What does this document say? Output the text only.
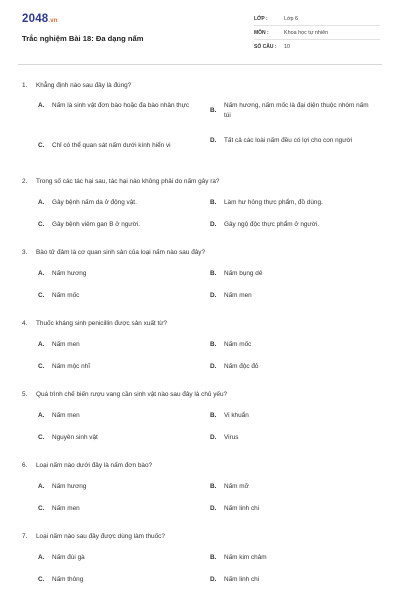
2048.vn
Trắc nghiệm Bài 18: Đa dạng nấm
LỚP :	Lớp 6
MÔN :	Khoa học tự nhiên
SỐ CÂU :	10
1.	Khẳng định nào sau đây là đúng?
A.	Nấm là sinh vật đơn bào hoặc đa bào nhân thực
B.
Nấm hương, nấm mốc là đại diện thuộc nhóm nấm túi
C.	Chỉ có thể quan sát nấm dưới kính hiển vi
D.	Tất cả các loài nấm đều có lợi cho con người
2.	Trong số các tác hại sau, tác hại nào không phải do nấm gây ra?
A.	Gây bệnh nấm da ở động vật.	B.	Làm hư hỏng thực phẩm, đồ dùng.
C.	Gây bệnh viêm gan B ở người.	D.	Gây ngộ độc thực phẩm ở người.
3.	Bào tử đảm là cơ quan sinh sản của loại nấm nào sau đây?
A.	Nấm hương	B.	Nấm bụng dê
C.	Nấm mốc	D.	Nấm men
4.	Thuốc kháng sinh penicillin được sản xuất từ?
A.	Nấm men	B.	Nấm mốc
C.	Nấm mộc nhĩ	D.	Nấm độc đỏ
5.	Quá trình chế biến rượu vang cần sinh vật nào sau đây là chủ yếu?
A.	Nấm men	B.	Vi khuẩn
C.	Nguyên sinh vật	D.	Virus
6.	Loại nấm nào dưới đây là nấm đơn bào?
A.	Nấm hương	B.	Nấm mỡ
C.	Nấm men	D.	Nấm linh chi
7.	Loại nấm nào sau đây được dùng làm thuốc?
A.	Nấm đùi gà	B.	Nấm kim châm
C.	Nấm thông	D.	Nấm linh chi
